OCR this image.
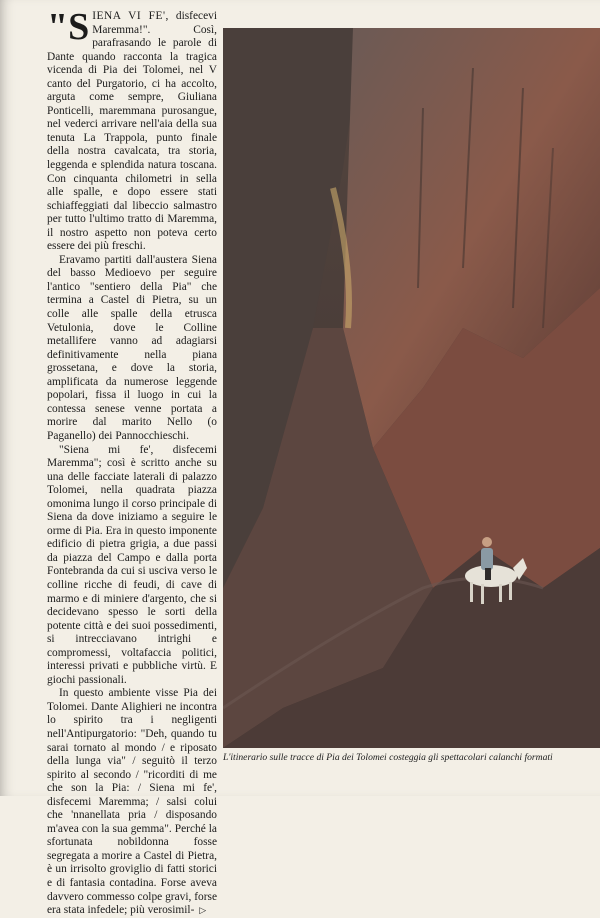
"SIENA VI FE', disfecevi Maremma!". Così, parafrasando le parole di Dante quando racconta la tragica vicenda di Pia dei Tolomei, nel V canto del Purgatorio, ci ha accolto, arguta come sempre, Giuliana Ponticelli, maremmana purosangue, nel vederci arrivare nell'aia della sua tenuta La Trappola, punto finale della nostra cavalcata, tra storia, leggenda e splendida natura toscana. Con cinquanta chilometri in sella alle spalle, e dopo essere stati schiaffeggiati dal libeccio salmastro per tutto l'ultimo tratto di Maremma, il nostro aspetto non poteva certo essere dei più freschi.

Eravamo partiti dall'austera Siena del basso Medioevo per seguire l'antico "sentiero della Pia" che termina a Castel di Pietra, su un colle alle spalle della etrusca Vetulonia, dove le Colline metallifere vanno ad adagiarsi definitivamente nella piana grossetana, e dove la storia, amplificata da numerose leggende popolari, fissa il luogo in cui la contessa senese venne portata a morire dal marito Nello (o Paganello) dei Pannocchieschi.

"Siena mi fe', disfecemi Maremma"; così è scritto anche su una delle facciate laterali di palazzo Tolomei, nella quadrata piazza omonima lungo il corso principale di Siena da dove iniziamo a seguire le orme di Pia. Era in questo imponente edificio di pietra grigia, a due passi da piazza del Campo e dalla porta Fontebranda da cui si usciva verso le colline ricche di feudi, di cave di marmo e di miniere d'argento, che si decidevano spesso le sorti della potente città e dei suoi possedimenti, si intrecciavano intrighi e compromessi, voltafaccia politici, interessi privati e pubbliche virtù. E giochi passionali.

In questo ambiente visse Pia dei Tolomei. Dante Alighieri ne incontra lo spirito tra i negligenti nell'Antipurgatorio: "Deh, quando tu sarai tornato al mondo / e riposato della lunga via" / seguitò il terzo spirito al secondo / "ricorditi di me che son la Pia: / Siena mi fe', disfecemi Maremma; / salsi colui che 'nnanellata pria / disposando m'avea con la sua gemma". Perché la sfortunata nobildonna fosse segregata a morire a Castel di Pietra, è un irrisolto groviglio di fatti storici e di fantasia contadina. Forse aveva davvero commesso colpe gravi, forse era stata infedele; più verosimil- ▷

L'itinerario sulle tracce di Pia dei Tolomei costeggia gli spettacolari calanchi formati
